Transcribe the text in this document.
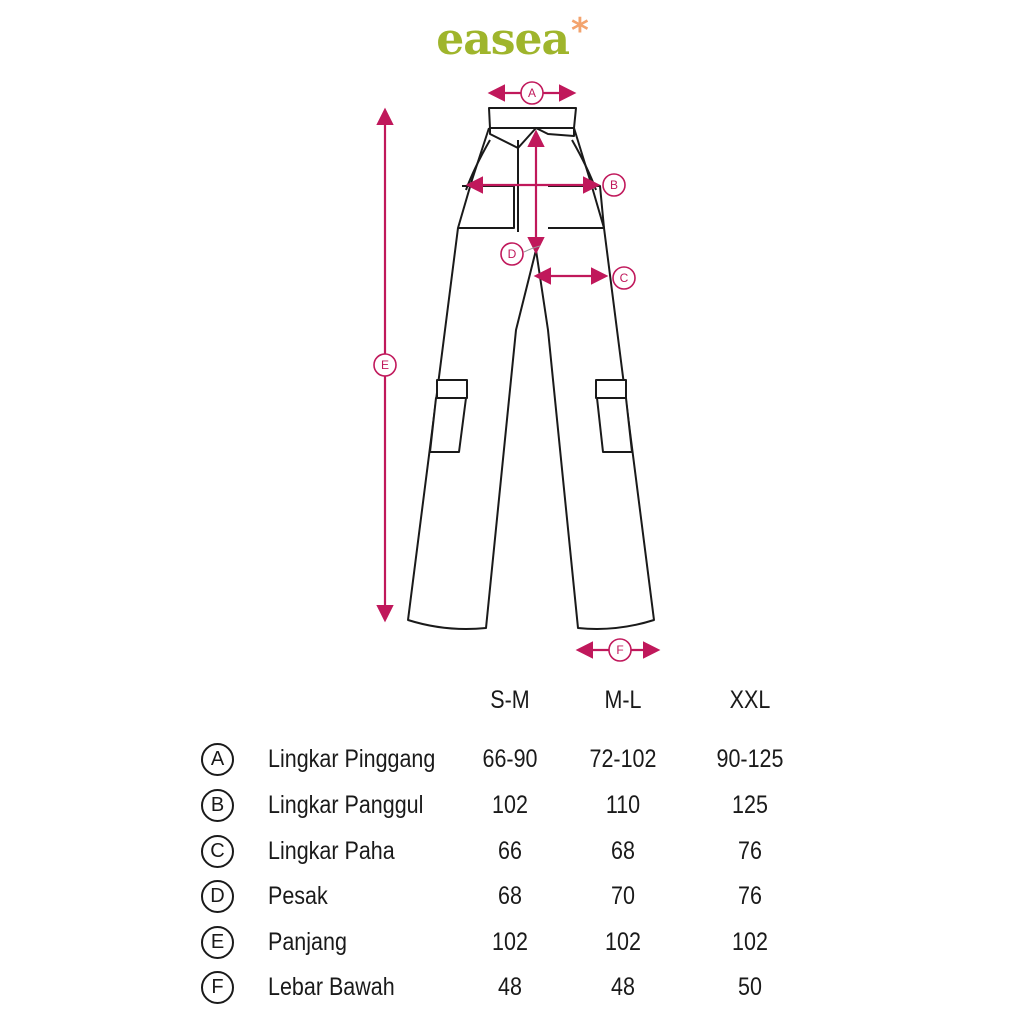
easea*
A
B
C
D
E
F
S-M	M-L	XXL
A	Lingkar Pinggang	66-90	72-102	90-125
B	Lingkar Panggul	102	110	125
C	Lingkar Paha	66	68	76
D	Pesak	68	70	76
E	Panjang	102	102	102
F	Lebar Bawah	48	48	50
